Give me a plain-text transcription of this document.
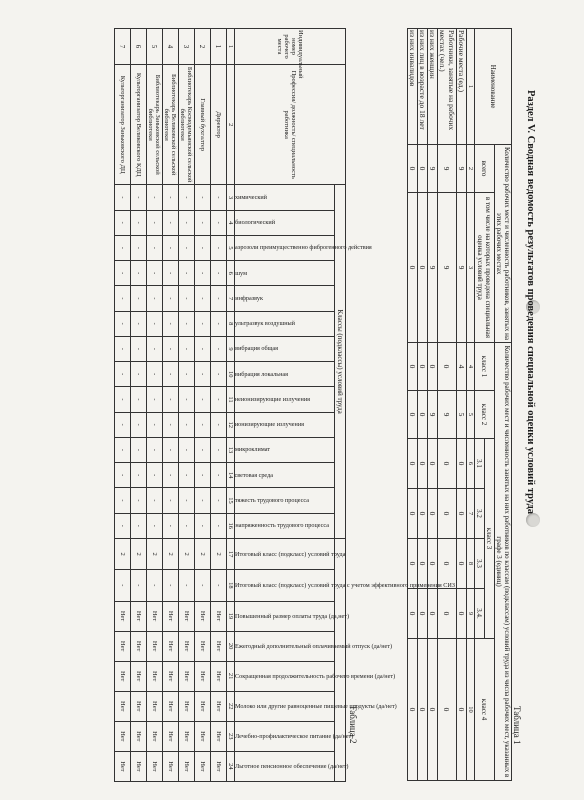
Раздел V. Сводная ведомость результатов проведения специальной оценки условий труда
Таблица 1
Наименование	Количество рабочих мест и численность работников, занятых на этих рабочих местах		Количество рабочих мест и численность занятых на них работников по классам (подклассам) условий труда из числа рабочих мест, указанных в графе 3 (единиц)						
	всего	в том числе на которых проведена специальная оценка условий труда	класс 1	класс 2	класс 3				класс 4
					3.1	3.2	3.3	3.4.	
1	2	3	4	5	6	7	8	9	10
Рабочие места (ед.)	9	9	4	5	0	0	0	0	0
Работники, занятые на рабочих местах (чел.)	9	9	0	9	0	0	0	0	0
из них женщин	9	9	0	9	0	0	0	0	0
из них лиц в возрасте до 18 лет	0	0	0	0	0	0	0	0	0
из них инвалидов	0	0	0	0	0	0	0	0	0
Таблица 2
Индивидуальный номер рабочего места	Профессия/ должность/ специальность работника	Классы (подклассы) условий труда																					

		химический	биологический	аэрозоли преимущественно фиброгенного действия	шум	инфразвук	ультразвук воздушный	вибрация общая	вибрация локальная	неионизирующие излучения	ионизирующие излучения	микроклимат	световая среда	тяжесть трудового процесса	напряженность трудового процесса	Итоговый класс (подкласс) условий труда	Итоговый класс (подкласс) условий труда с учетом эффективного применения СИЗ	Повышенный размер оплаты труда (да,нет)	Ежегодный дополнительный оплачиваемый отпуск (да/нет)	Сокращенная продолжительность рабочего времени (да/нет)	Молоко или другие равноценные пищевые продукты (да/нет)	Лечебно-профилактическое питание (да/нет)	Льготное пенсионное обеспечение (да/нет)

1	2	3	4	5	6	7	8	9	10	11	12	13	14	15	16	17	18	19	20	21	22	23	24
1	Директор	-	-	-	-	-	-	-	-	-	-	-	-	-	-	2	-	Нет	Нет	Нет	Нет	Нет	Нет
2	Главный бухгалтер	-	-	-	-	-	-	-	-	-	-	-	-	-	-	2	-	Нет	Нет	Нет	Нет	Нет	Нет
3	Библиотекарь Космодемьянской сельской библиотеки	-	-	-	-	-	-	-	-	-	-	-	-	-	-	2	-	Нет	Нет	Нет	Нет	Нет	Нет
4	Библиотекарь Великовской сельской библиотеки	-	-	-	-	-	-	-	-	-	-	-	-	-	-	2	-	Нет	Нет	Нет	Нет	Нет	Нет
5	Библиотекарь Заньковской сельской библиотеки	-	-	-	-	-	-	-	-	-	-	-	-	-	-	2	-	Нет	Нет	Нет	Нет	Нет	Нет
6	Культорганизатор Великовского КДЦ	-	-	-	-	-	-	-	-	-	-	-	-	-	-	2	-	Нет	Нет	Нет	Нет	Нет	Нет
7	Культорганизатор Заньковского ДЦ	-	-	-	-	-	-	-	-	-	-	-	-	-	-	2	-	Нет	Нет	Нет	Нет	Нет	Нет
